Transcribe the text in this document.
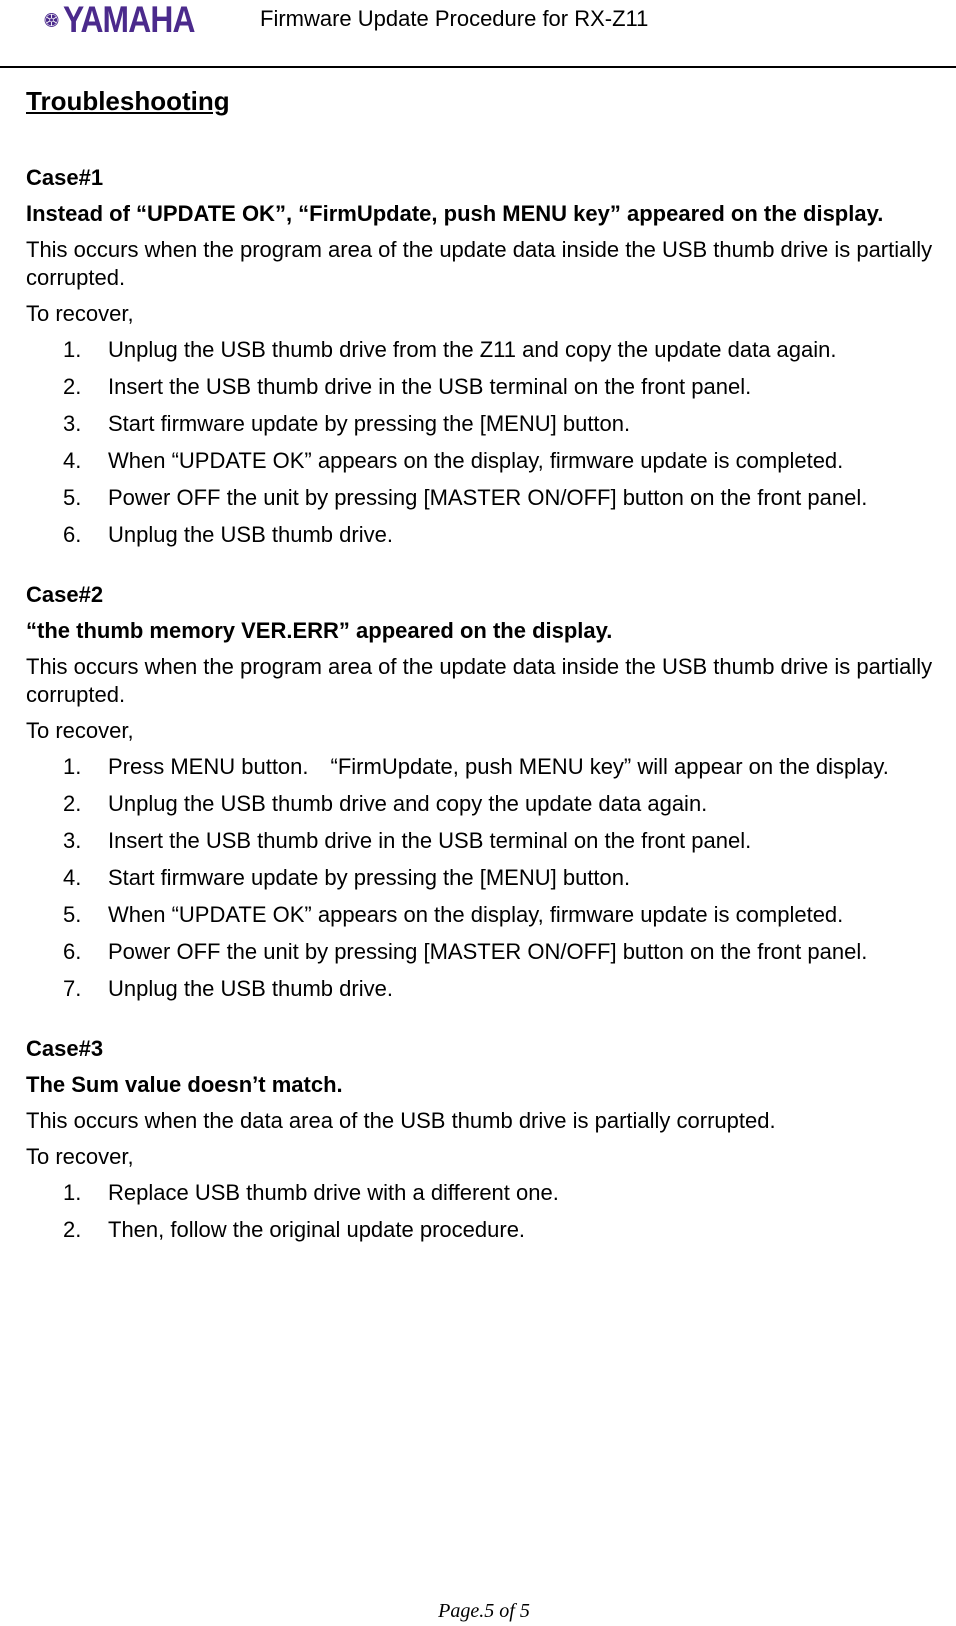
YAMAHA	Firmware Update Procedure for RX-Z11
Troubleshooting
Case#1
Instead of “UPDATE OK”, “FirmUpdate, push MENU key” appeared on the display.
This occurs when the program area of the update data inside the USB thumb drive is partially corrupted.
To recover,
1. Unplug the USB thumb drive from the Z11 and copy the update data again.
2. Insert the USB thumb drive in the USB terminal on the front panel.
3. Start firmware update by pressing the [MENU] button.
4. When “UPDATE OK” appears on the display, firmware update is completed.
5. Power OFF the unit by pressing [MASTER ON/OFF] button on the front panel.
6. Unplug the USB thumb drive.
Case#2
“the thumb memory VER.ERR” appeared on the display.
This occurs when the program area of the update data inside the USB thumb drive is partially corrupted.
To recover,
1. Press MENU button.　“FirmUpdate, push MENU key” will appear on the display.
2. Unplug the USB thumb drive and copy the update data again.
3. Insert the USB thumb drive in the USB terminal on the front panel.
4. Start firmware update by pressing the [MENU] button.
5. When “UPDATE OK” appears on the display, firmware update is completed.
6. Power OFF the unit by pressing [MASTER ON/OFF] button on the front panel.
7. Unplug the USB thumb drive.
Case#3
The Sum value doesn’t match.
This occurs when the data area of the USB thumb drive is partially corrupted.
To recover,
1. Replace USB thumb drive with a different one.
2. Then, follow the original update procedure.
Page.5 of 5
